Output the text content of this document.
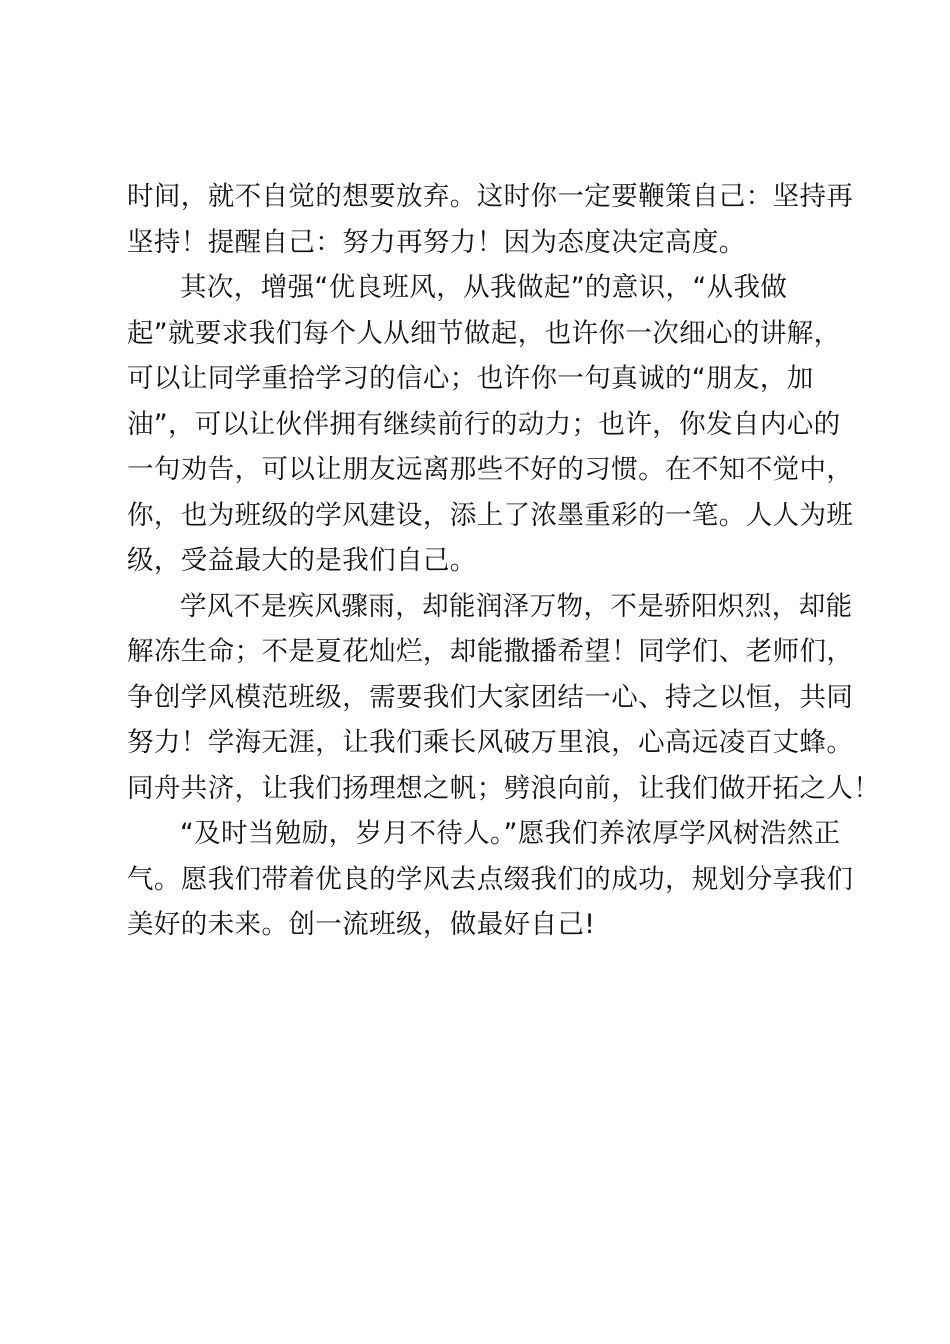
时间，就不自觉的想要放弃。这时你一定要鞭策自己：坚持再
坚持！提醒自己：努力再努力！因为态度决定高度。
其次，增强“优良班风，从我做起”的意识，“从我做
起”就要求我们每个人从细节做起，也许你一次细心的讲解，
可以让同学重拾学习的信心；也许你一句真诚的“朋友，加
油”，可以让伙伴拥有继续前行的动力；也许，你发自内心的
一句劝告，可以让朋友远离那些不好的习惯。在不知不觉中，
你，也为班级的学风建设，添上了浓墨重彩的一笔。人人为班
级，受益最大的是我们自己。
学风不是疾风骤雨，却能润泽万物，不是骄阳炽烈，却能
解冻生命；不是夏花灿烂，却能撒播希望！同学们、老师们，
争创学风模范班级，需要我们大家团结一心、持之以恒，共同
努力！学海无涯，让我们乘长风破万里浪，心高远凌百丈蜂。
同舟共济，让我们扬理想之帆；劈浪向前，让我们做开拓之人！
“及时当勉励，岁月不待人。”愿我们养浓厚学风树浩然正
气。愿我们带着优良的学风去点缀我们的成功，规划分享我们
美好的未来。创一流班级，做最好自己!
